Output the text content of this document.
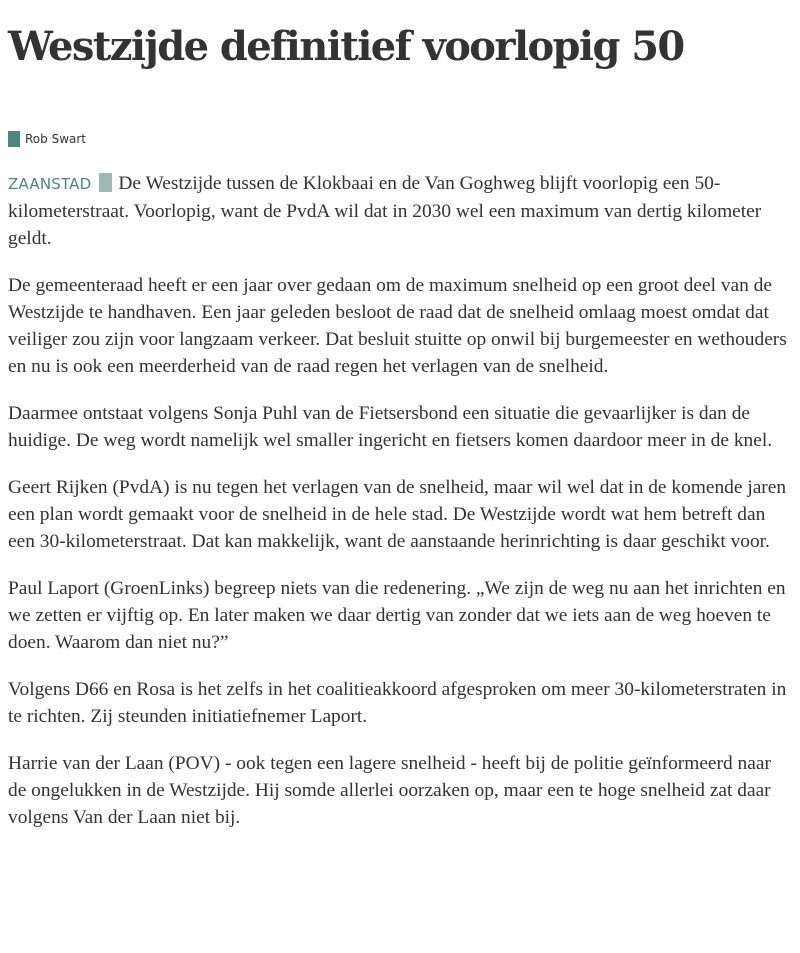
Westzijde definitief voorlopig 50
Rob Swart

ZAANSTAD De Westzijde tussen de Klokbaai en de Van Goghweg blijft voorlopig een 50-kilometerstraat. Voorlopig, want de PvdA wil dat in 2030 wel een maximum van dertig kilometer geldt.

De gemeenteraad heeft er een jaar over gedaan om de maximum snelheid op een groot deel van de Westzijde te handhaven. Een jaar geleden besloot de raad dat de snelheid omlaag moest omdat dat veiliger zou zijn voor langzaam verkeer. Dat besluit stuitte op onwil bij burgemeester en wethouders en nu is ook een meerderheid van de raad regen het verlagen van de snelheid.

Daarmee ontstaat volgens Sonja Puhl van de Fietsersbond een situatie die gevaarlijker is dan de huidige. De weg wordt namelijk wel smaller ingericht en fietsers komen daardoor meer in de knel.

Geert Rijken (PvdA) is nu tegen het verlagen van de snelheid, maar wil wel dat in de komende jaren een plan wordt gemaakt voor de snelheid in de hele stad. De Westzijde wordt wat hem betreft dan een 30-kilometerstraat. Dat kan makkelijk, want de aanstaande herinrichting is daar geschikt voor.

Paul Laport (GroenLinks) begreep niets van die redenering. „We zijn de weg nu aan het inrichten en we zetten er vijftig op. En later maken we daar dertig van zonder dat we iets aan de weg hoeven te doen. Waarom dan niet nu?”

Volgens D66 en Rosa is het zelfs in het coalitieakkoord afgesproken om meer 30-kilometerstraten in te richten. Zij steunden initiatiefnemer Laport.

Harrie van der Laan (POV) - ook tegen een lagere snelheid - heeft bij de politie geïnformeerd naar de ongelukken in de Westzijde. Hij somde allerlei oorzaken op, maar een te hoge snelheid zat daar volgens Van der Laan niet bij.
